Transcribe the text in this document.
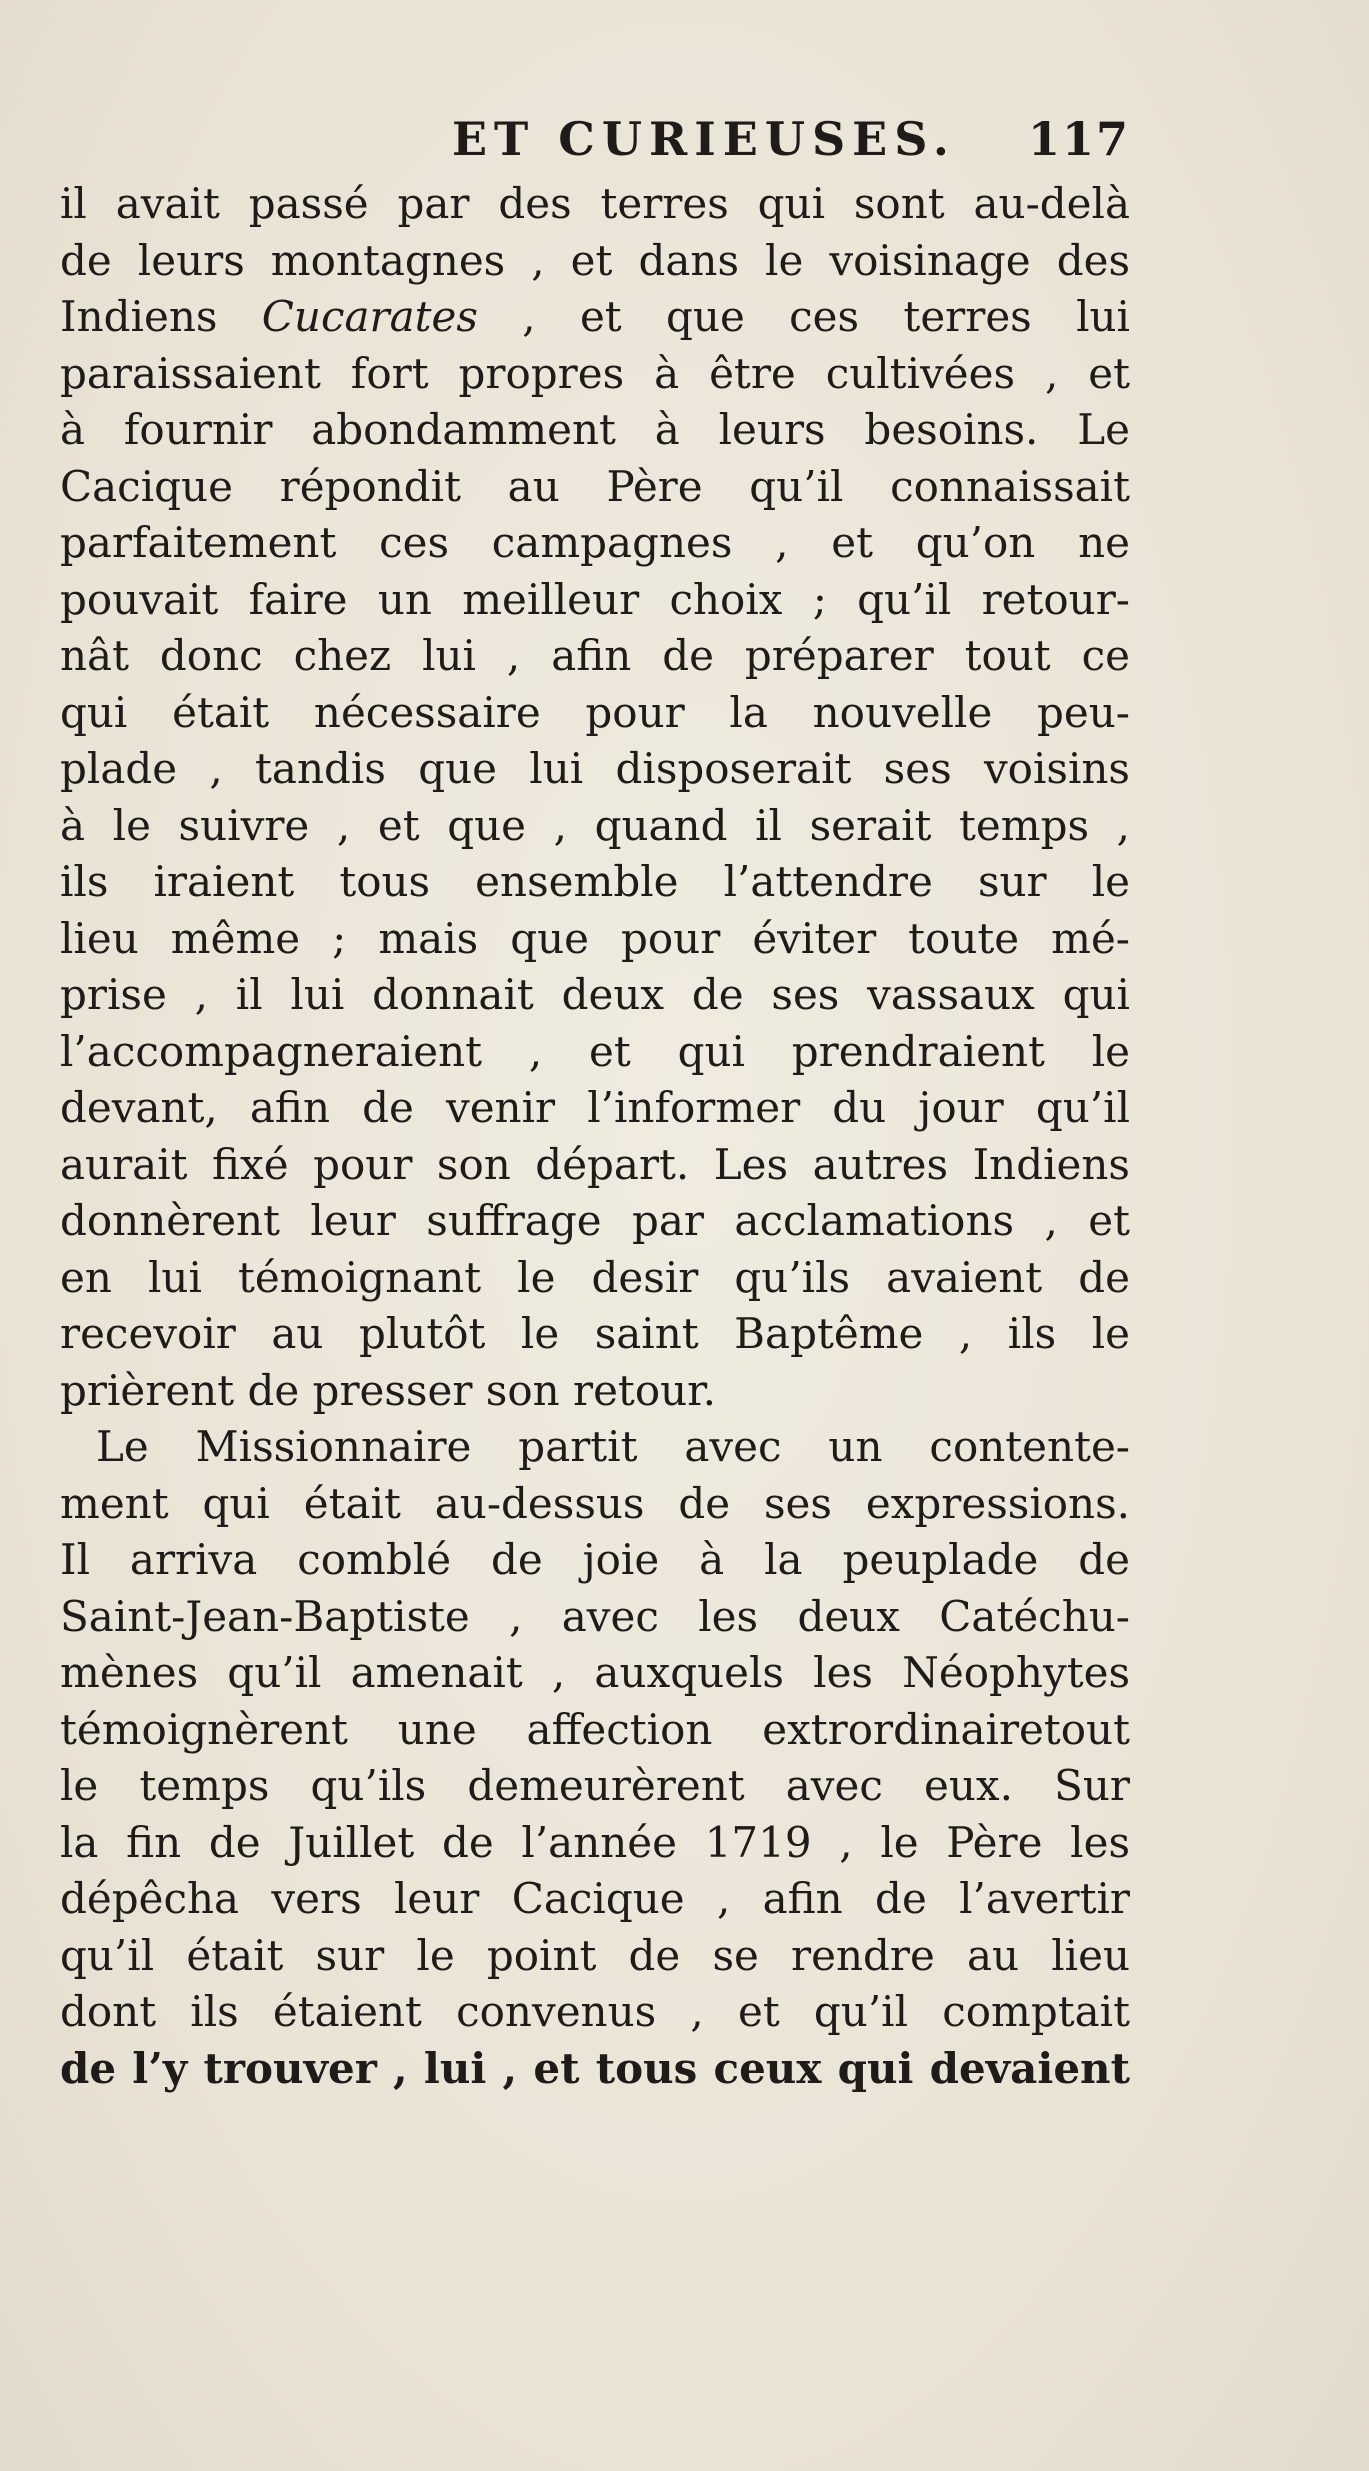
ET CURIEUSES. 117
il avait passé par des terres qui sont au-delà
de leurs montagnes , et dans le voisinage des
Indiens Cucarates , et que ces terres lui
paraissaient fort propres à être cultivées , et
à fournir abondamment à leurs besoins. Le
Cacique répondit au Père qu’il connaissait
parfaitement ces campagnes , et qu’on ne
pouvait faire un meilleur choix ; qu’il retour-
nât donc chez lui , afin de préparer tout ce
qui était nécessaire pour la nouvelle peu-
plade , tandis que lui disposerait ses voisins
à le suivre , et que , quand il serait temps ,
ils iraient tous ensemble l’attendre sur le
lieu même ; mais que pour éviter toute mé-
prise , il lui donnait deux de ses vassaux qui
l’accompagneraient , et qui prendraient le
devant, afin de venir l’informer du jour qu’il
aurait fixé pour son départ. Les autres Indiens
donnèrent leur suffrage par acclamations , et
en lui témoignant le desir qu’ils avaient de
recevoir au plutôt le saint Baptême , ils le
prièrent de presser son retour.
Le Missionnaire partit avec un contente-
ment qui était au-dessus de ses expressions.
Il arriva comblé de joie à la peuplade de
Saint-Jean-Baptiste , avec les deux Catéchu-
mènes qu’il amenait , auxquels les Néophytes
témoignèrent une affection extrordinairetout
le temps qu’ils demeurèrent avec eux. Sur
la fin de Juillet de l’année 1719 , le Père les
dépêcha vers leur Cacique , afin de l’avertir
qu’il était sur le point de se rendre au lieu
dont ils étaient convenus , et qu’il comptait
de l’y trouver , lui , et tous ceux qui devaient
